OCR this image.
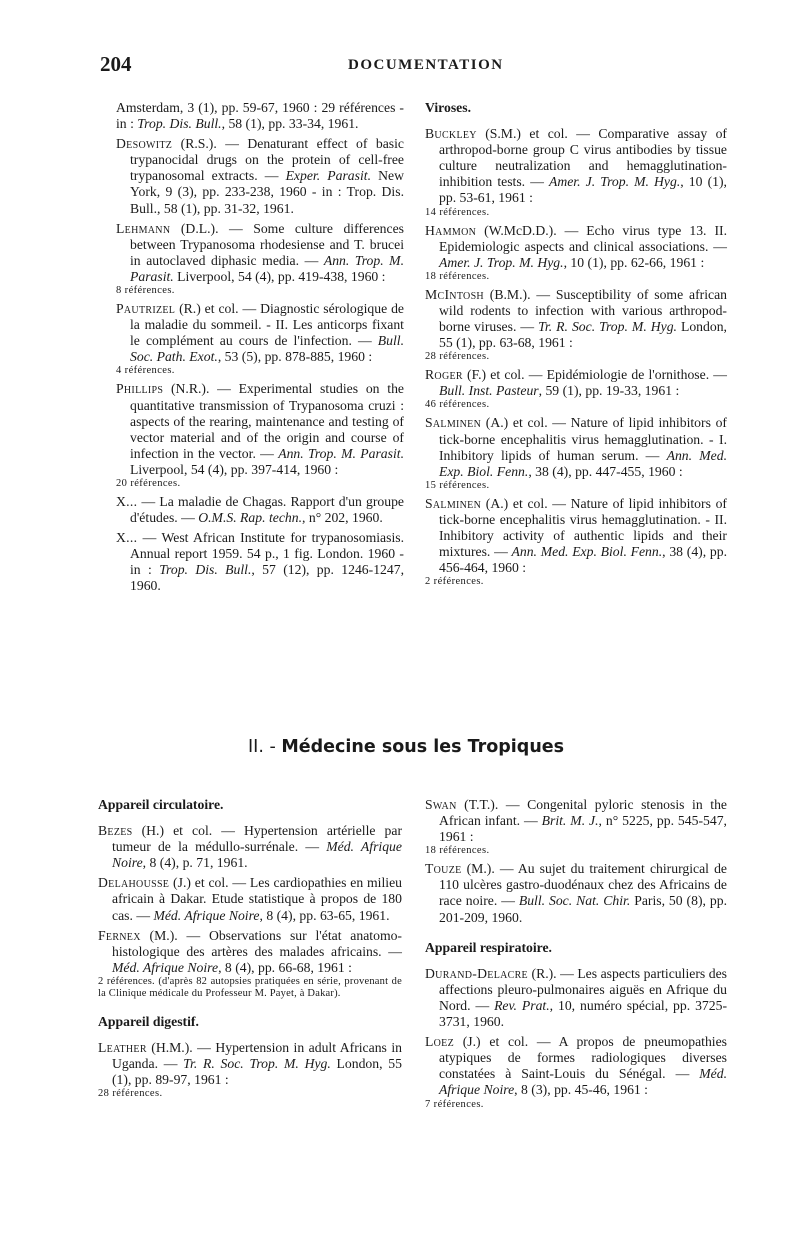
204	DOCUMENTATION
Amsterdam, 3 (1), pp. 59-67, 1960 : 29 références - in : Trop. Dis. Bull., 58 (1), pp. 33-34, 1961.
Desowitz (R.S.). — Denaturant effect of basic trypanocidal drugs on the protein of cell-free trypanosomal extracts. — Exper. Parasit. New York, 9 (3), pp. 233-238, 1960 - in : Trop. Dis. Bull., 58 (1), pp. 31-32, 1961.
Lehmann (D.L.). — Some culture differences between Trypanosoma rhodesiense and T. brucei in autoclaved diphasic media. — Ann. Trop. M. Parasit. Liverpool, 54 (4), pp. 419-438, 1960 :
8 références.
Pautrizel (R.) et col. — Diagnostic sérologique de la maladie du sommeil. - II. Les anticorps fixant le complément au cours de l'infection. — Bull. Soc. Path. Exot., 53 (5), pp. 878-885, 1960 :
4 références.
Phillips (N.R.). — Experimental studies on the quantitative transmission of Trypanosoma cruzi : aspects of the rearing, maintenance and testing of vector material and of the origin and course of infection in the vector. — Ann. Trop. M. Parasit. Liverpool, 54 (4), pp. 397-414, 1960 :
20 références.
X... — La maladie de Chagas. Rapport d'un groupe d'études. — O.M.S. Rap. techn., n° 202, 1960.
X... — West African Institute for trypanosomiasis. Annual report 1959. 54 p., 1 fig. London. 1960 - in : Trop. Dis. Bull., 57 (12), pp. 1246-1247, 1960.
Viroses.
Buckley (S.M.) et col. — Comparative assay of arthropod-borne group C virus antibodies by tissue culture neutralization and hemagglutination-inhibition tests. — Amer. J. Trop. M. Hyg., 10 (1), pp. 53-61, 1961 :
14 références.
Hammon (W.McD.D.). — Echo virus type 13. II. Epidemiologic aspects and clinical associations. — Amer. J. Trop. M. Hyg., 10 (1), pp. 62-66, 1961 :
18 références.
McIntosh (B.M.). — Susceptibility of some african wild rodents to infection with various arthropod-borne viruses. — Tr. R. Soc. Trop. M. Hyg. London, 55 (1), pp. 63-68, 1961 :
28 références.
Roger (F.) et col. — Epidémiologie de l'ornithose. — Bull. Inst. Pasteur, 59 (1), pp. 19-33, 1961 :
46 références.
Salminen (A.) et col. — Nature of lipid inhibitors of tick-borne encephalitis virus hemagglutination. - I. Inhibitory lipids of human serum. — Ann. Med. Exp. Biol. Fenn., 38 (4), pp. 447-455, 1960 :
15 références.
Salminen (A.) et col. — Nature of lipid inhibitors of tick-borne encephalitis virus hemagglutination. - II. Inhibitory activity of authentic lipids and their mixtures. — Ann. Med. Exp. Biol. Fenn., 38 (4), pp. 456-464, 1960 :
2 références.
II. - Médecine sous les Tropiques
Appareil circulatoire.
Bezes (H.) et col. — Hypertension artérielle par tumeur de la médullo-surrénale. — Méd. Afrique Noire, 8 (4), p. 71, 1961.
Delahousse (J.) et col. — Les cardiopathies en milieu africain à Dakar. Etude statistique à propos de 180 cas. — Méd. Afrique Noire, 8 (4), pp. 63-65, 1961.
Fernex (M.). — Observations sur l'état anatomo-histologique des artères des malades africains. — Méd. Afrique Noire, 8 (4), pp. 66-68, 1961 :
2 références. (d'après 82 autopsies pratiquées en série, provenant de la Clinique médicale du Professeur M. Payet, à Dakar).
Appareil digestif.
Leather (H.M.). — Hypertension in adult Africans in Uganda. — Tr. R. Soc. Trop. M. Hyg. London, 55 (1), pp. 89-97, 1961 :
28 références.
Swan (T.T.). — Congenital pyloric stenosis in the African infant. — Brit. M. J., n° 5225, pp. 545-547, 1961 :
18 références.
Touze (M.). — Au sujet du traitement chirurgical de 110 ulcères gastro-duodénaux chez des Africains de race noire. — Bull. Soc. Nat. Chir. Paris, 50 (8), pp. 201-209, 1960.
Appareil respiratoire.
Durand-Delacre (R.). — Les aspects particuliers des affections pleuro-pulmonaires aiguës en Afrique du Nord. — Rev. Prat., 10, numéro spécial, pp. 3725-3731, 1960.
Loez (J.) et col. — A propos de pneumopathies atypiques de formes radiologiques diverses constatées à Saint-Louis du Sénégal. — Méd. Afrique Noire, 8 (3), pp. 45-46, 1961 :
7 références.
